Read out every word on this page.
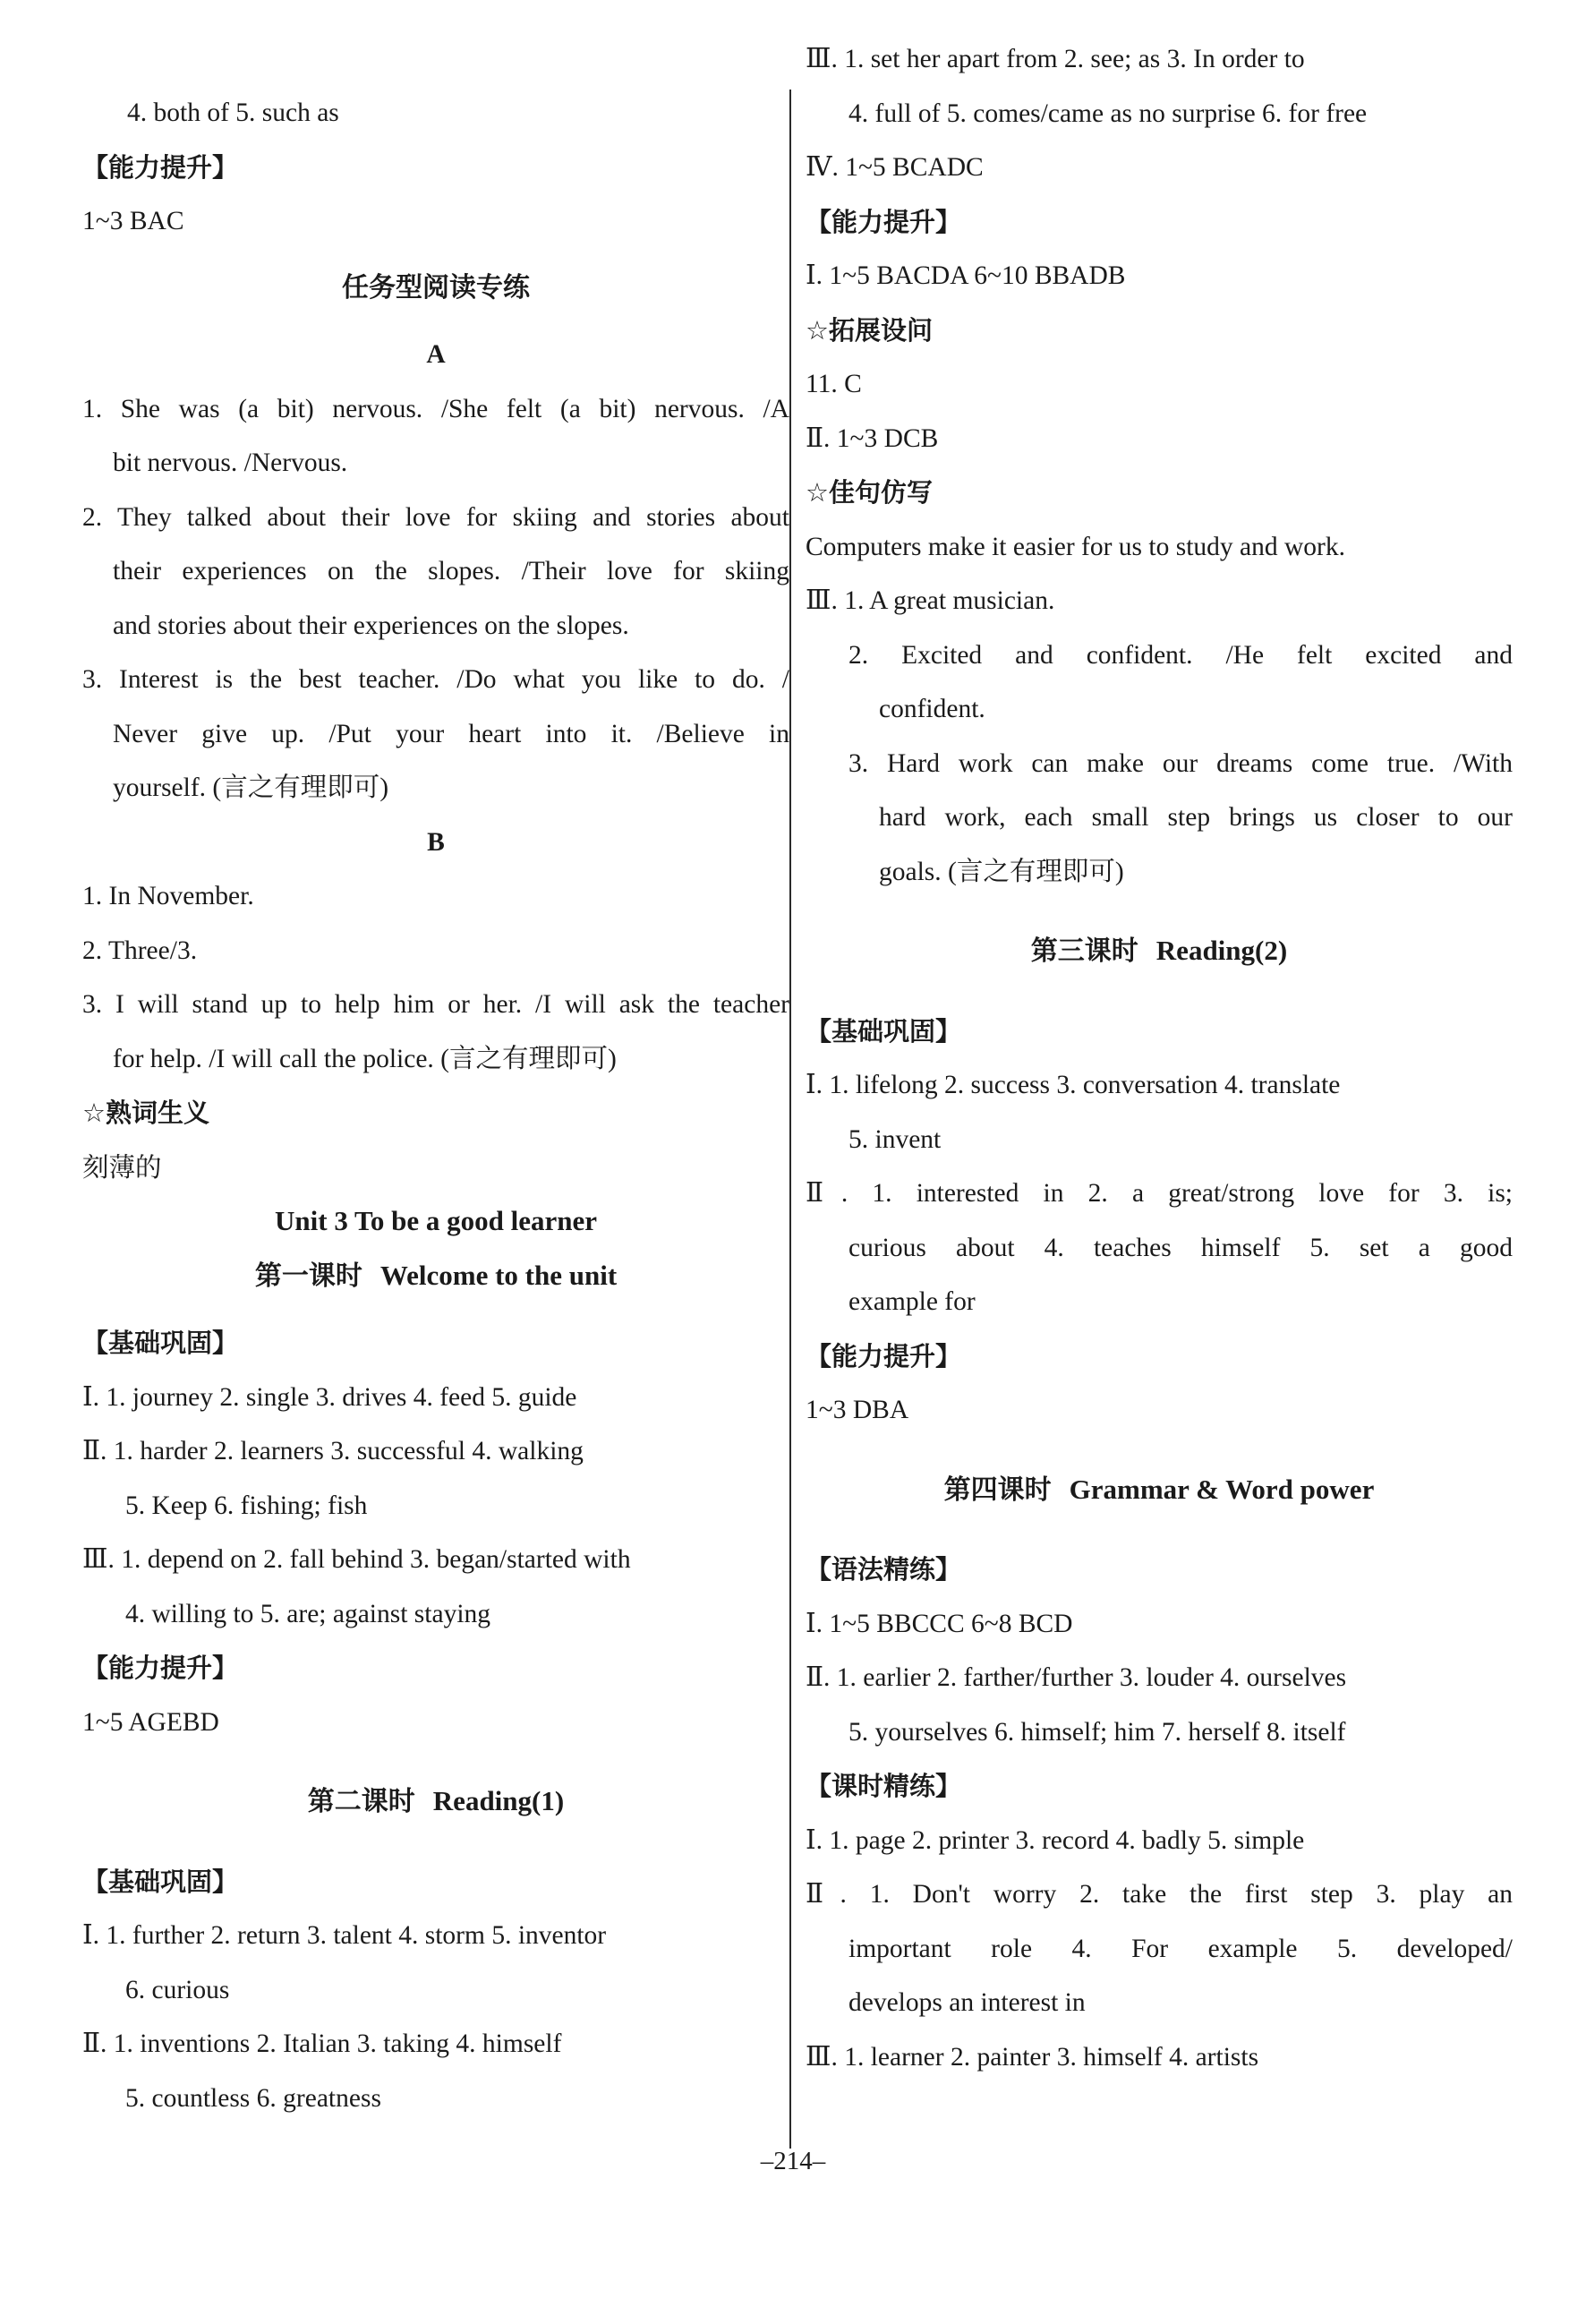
4. both of 5. such as
【能力提升】
1~3 BAC
任务型阅读专练
A
1. She was (a bit) nervous. /She felt (a bit) nervous. /A
bit nervous. /Nervous.
2. They talked about their love for skiing and stories about
their experiences on the slopes. /Their love for skiing
and stories about their experiences on the slopes.
3. Interest is the best teacher. /Do what you like to do. /
Never give up. /Put your heart into it. /Believe in
yourself. (言之有理即可)
B
1. In November.
2. Three/3.
3. I will stand up to help him or her. /I will ask the teacher
for help. /I will call the police. (言之有理即可)
☆熟词生义
刻薄的
Unit 3 To be a good learner
第一课时 Welcome to the unit
【基础巩固】
Ⅰ. 1. journey 2. single 3. drives 4. feed 5. guide
Ⅱ. 1. harder 2. learners 3. successful 4. walking
5. Keep 6. fishing; fish
Ⅲ. 1. depend on 2. fall behind 3. began/started with
4. willing to 5. are; against staying
【能力提升】
1~5 AGEBD
第二课时 Reading(1)
【基础巩固】
Ⅰ. 1. further 2. return 3. talent 4. storm 5. inventor
6. curious
Ⅱ. 1. inventions 2. Italian 3. taking 4. himself
5. countless 6. greatness
Ⅲ. 1. set her apart from 2. see; as 3. In order to
4. full of 5. comes/came as no surprise 6. for free
Ⅳ. 1~5 BCADC
【能力提升】
Ⅰ. 1~5 BACDA 6~10 BBADB
☆拓展设问
11. C
Ⅱ. 1~3 DCB
☆佳句仿写
Computers make it easier for us to study and work.
Ⅲ. 1. A great musician.
2. Excited and confident. /He felt excited and
confident.
3. Hard work can make our dreams come true. /With
hard work, each small step brings us closer to our
goals. (言之有理即可)
第三课时 Reading(2)
【基础巩固】
Ⅰ. 1. lifelong 2. success 3. conversation 4. translate
5. invent
Ⅱ. 1. interested in 2. a great/strong love for 3. is;
curious about 4. teaches himself 5. set a good
example for
【能力提升】
1~3 DBA
第四课时 Grammar & Word power
【语法精练】
Ⅰ. 1~5 BBCCC 6~8 BCD
Ⅱ. 1. earlier 2. farther/further 3. louder 4. ourselves
5. yourselves 6. himself; him 7. herself 8. itself
【课时精练】
Ⅰ. 1. page 2. printer 3. record 4. badly 5. simple
Ⅱ. 1. Don't worry 2. take the first step 3. play an
important role 4. For example 5. developed/
develops an interest in
Ⅲ. 1. learner 2. painter 3. himself 4. artists
–214–
